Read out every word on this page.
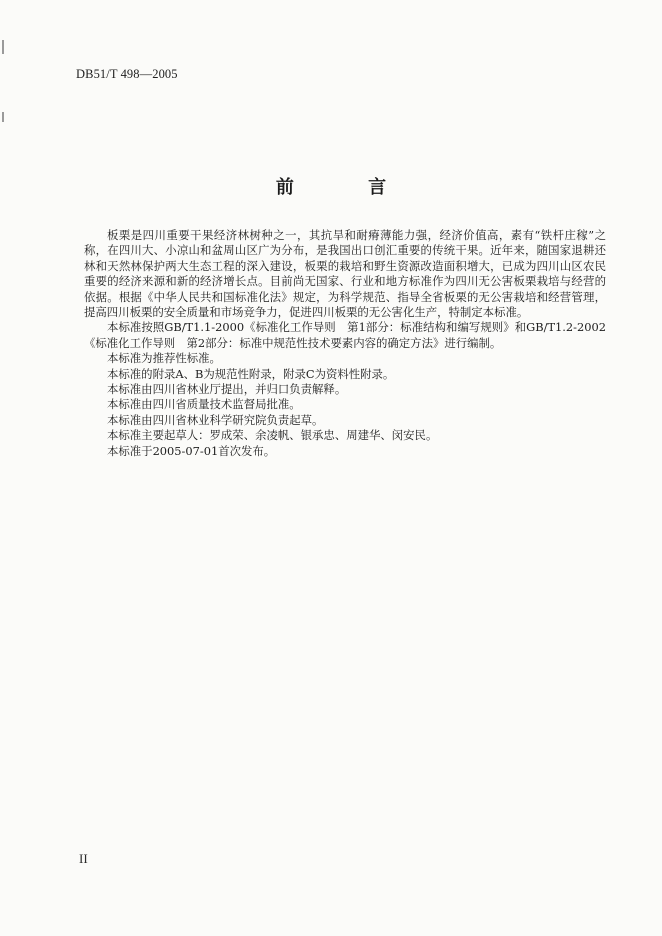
DB51/T 498—2005
前 言

板栗是四川重要干果经济林树种之一，其抗旱和耐瘠薄能力强，经济价值高，素有“铁杆庄稼”之称，在四川大、小凉山和盆周山区广为分布，是我国出口创汇重要的传统干果。近年来，随国家退耕还林和天然林保护两大生态工程的深入建设，板栗的栽培和野生资源改造面积增大，已成为四川山区农民重要的经济来源和新的经济增长点。目前尚无国家、行业和地方标准作为四川无公害板栗栽培与经营的依据。根据《中华人民共和国标准化法》规定，为科学规范、指导全省板栗的无公害栽培和经营管理，提高四川板栗的安全质量和市场竞争力，促进四川板栗的无公害化生产，特制定本标准。

本标准按照GB/T1.1-2000《标准化工作导则　第1部分：标准结构和编写规则》和GB/T1.2-2002《标准化工作导则　第2部分：标准中规范性技术要素内容的确定方法》进行编制。

本标准为推荐性标准。

本标准的附录A、B为规范性附录，附录C为资料性附录。

本标准由四川省林业厅提出，并归口负责解释。

本标准由四川省质量技术监督局批准。

本标准由四川省林业科学研究院负责起草。

本标准主要起草人：罗成荣、余凌帆、银承忠、周建华、闵安民。

本标准于2005-07-01首次发布。

II
